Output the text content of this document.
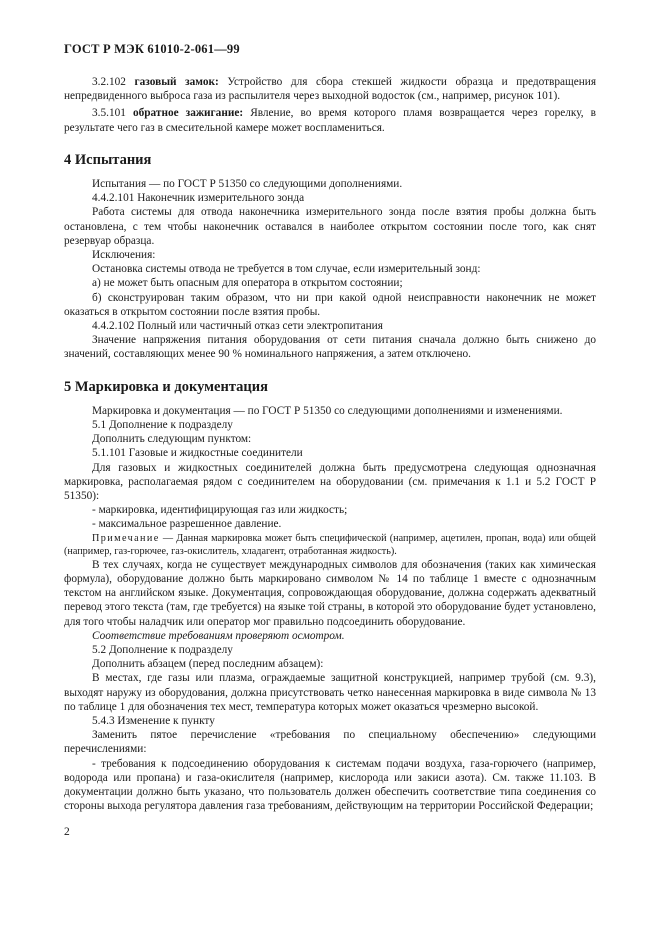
ГОСТ Р МЭК 61010-2-061—99

3.2.102 газовый замок: Устройство для сбора стекшей жидкости образца и предотвращения непредвиденного выброса газа из распылителя через выходной водосток (см., например, рисунок 101).

3.5.101 обратное зажигание: Явление, во время которого пламя возвращается через горелку, в результате чего газ в смесительной камере может воспламениться.

4 Испытания

Испытания — по ГОСТ Р 51350 со следующими дополнениями.

4.4.2.101 Наконечник измерительного зонда

Работа системы для отвода наконечника измерительного зонда после взятия пробы должна быть остановлена, с тем чтобы наконечник оставался в наиболее открытом состоянии после того, как снят резервуар образца.

Исключения:

Остановка системы отвода не требуется в том случае, если измерительный зонд:

а) не может быть опасным для оператора в открытом состоянии;

б) сконструирован таким образом, что ни при какой одной неисправности наконечник не может оказаться в открытом состоянии после взятия пробы.

4.4.2.102 Полный или частичный отказ сети электропитания

Значение напряжения питания оборудования от сети питания сначала должно быть снижено до значений, составляющих менее 90 % номинального напряжения, а затем отключено.

5 Маркировка и документация

Маркировка и документация — по ГОСТ Р 51350 со следующими дополнениями и изменениями.

5.1 Дополнение к подразделу

Дополнить следующим пунктом:

5.1.101 Газовые и жидкостные соединители

Для газовых и жидкостных соединителей должна быть предусмотрена следующая однозначная маркировка, располагаемая рядом с соединителем на оборудовании (см. примечания к 1.1 и 5.2 ГОСТ Р 51350):

- маркировка, идентифицирующая газ или жидкость;

- максимальное разрешенное давление.

Примечание — Данная маркировка может быть специфической (например, ацетилен, пропан, вода) или общей (например, газ-горючее, газ-окислитель, хладагент, отработанная жидкость).

В тех случаях, когда не существует международных символов для обозначения (таких как химическая формула), оборудование должно быть маркировано символом № 14 по таблице 1 вместе с однозначным текстом на английском языке. Документация, сопровождающая оборудование, должна содержать адекватный перевод этого текста (там, где требуется) на языке той страны, в которой это оборудование будет установлено, для того чтобы наладчик или оператор мог правильно подсоединить оборудование.

Соответствие требованиям проверяют осмотром.

5.2 Дополнение к подразделу

Дополнить абзацем (перед последним абзацем):

В местах, где газы или плазма, ограждаемые защитной конструкцией, например трубой (см. 9.3), выходят наружу из оборудования, должна присутствовать четко нанесенная маркировка в виде символа № 13 по таблице 1 для обозначения тех мест, температура которых может оказаться чрезмерно высокой.

5.4.3 Изменение к пункту

Заменить пятое перечисление «требования по специальному обеспечению» следующими перечислениями:

- требования к подсоединению оборудования к системам подачи воздуха, газа-горючего (например, водорода или пропана) и газа-окислителя (например, кислорода или закиси азота). См. также 11.103. В документации должно быть указано, что пользователь должен обеспечить соответствие типа соединения со стороны выхода регулятора давления газа требованиям, действующим на территории Российской Федерации;

2
